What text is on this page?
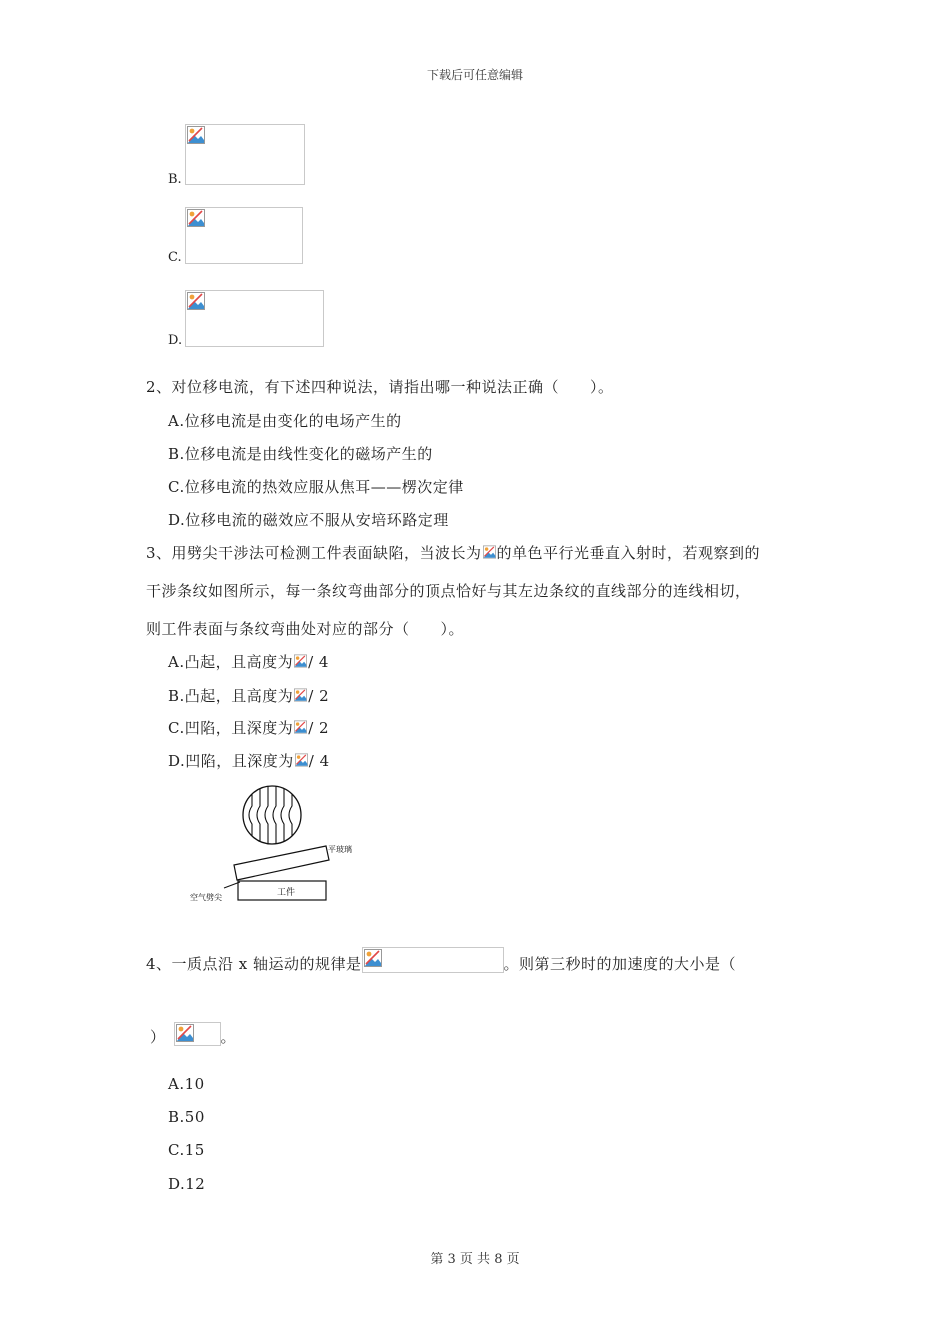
下载后可任意编辑
B.
C.
D.
2、对位移电流，有下述四种说法，请指出哪一种说法正确（　　）。
A.位移电流是由变化的电场产生的
B.位移电流是由线性变化的磁场产生的
C.位移电流的热效应服从焦耳——楞次定律
D.位移电流的磁效应不服从安培环路定理
3、用劈尖干涉法可检测工件表面缺陷，当波长为 的单色平行光垂直入射时，若观察到的
干涉条纹如图所示，每一条纹弯曲部分的顶点恰好与其左边条纹的直线部分的连线相切，
则工件表面与条纹弯曲处对应的部分（　　）。
A.凸起，且高度为 / 4
B.凸起，且高度为 / 2
C.凹陷，且深度为 / 2
D.凹陷，且深度为 / 4
平玻璃
工件
空气劈尖
4、一质点沿 x 轴运动的规律是	。则第三秒时的加速度的大小是（
）	。
A.10
B.50
C.15
D.12
第 3 页 共 8 页
